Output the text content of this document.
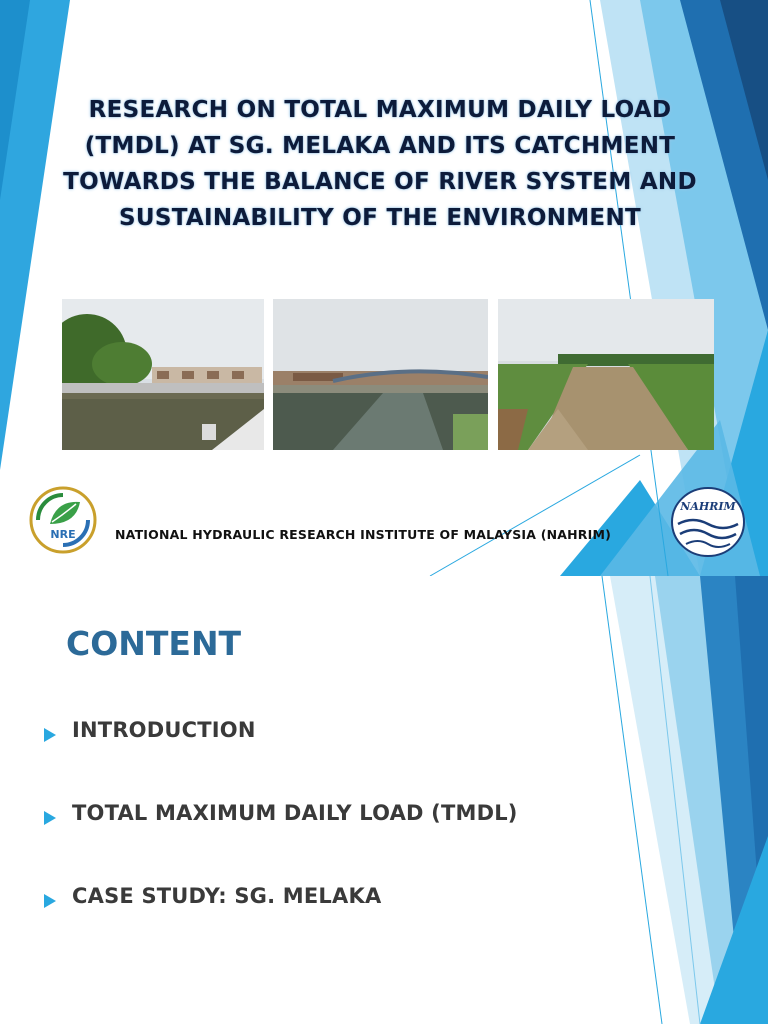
RESEARCH ON TOTAL MAXIMUM DAILY LOAD (TMDL) AT SG. MELAKA AND ITS CATCHMENT TOWARDS THE BALANCE OF RIVER SYSTEM AND SUSTAINABILITY OF THE ENVIRONMENT
NRE	NATIONAL HYDRAULIC RESEARCH INSTITUTE OF MALAYSIA (NAHRIM)
NAHRIM
CONTENT
INTRODUCTION
TOTAL MAXIMUM DAILY LOAD (TMDL)
CASE STUDY: SG. MELAKA
